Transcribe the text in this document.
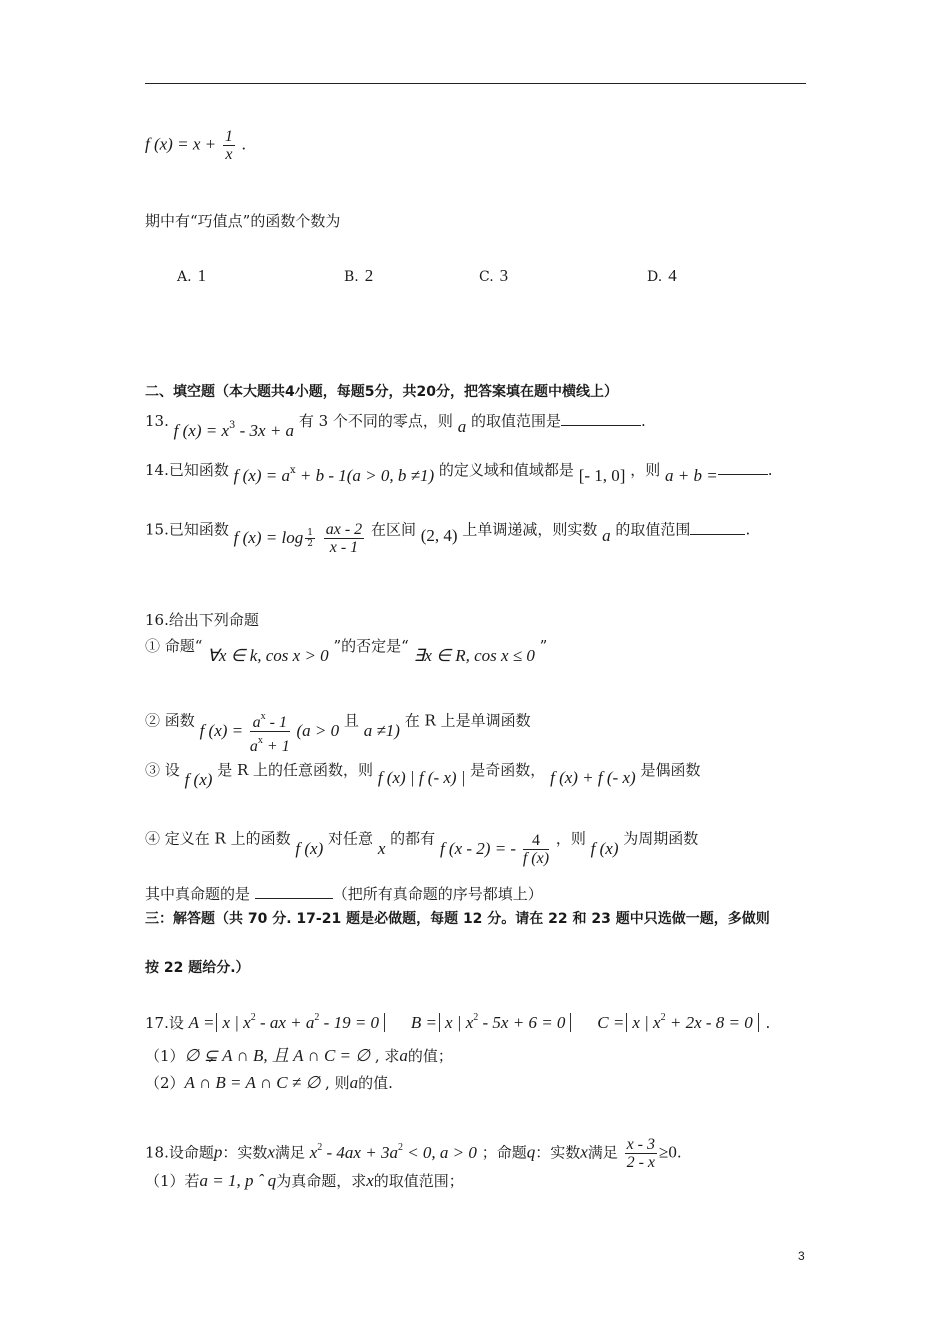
f $(x) = x + \frac{1}{x}$ .
期中有“巧值点”的函数个数为
A. 1	B. 2	C. 3	D. 4
二、填空题（本大题共4小题，每题5分，共20分，把答案填在题中横线上）
13. f $(x) = x^3 - 3x + a$ 有 3 个不同的零点，则 a 的取值范围是	.
14.已知函数 f $(x) = a^x + b - 1(a > 0$, b ≠1) 的定义域和值域都是 [- 1, 0] ，则 a + b =	.
15.已知函数 f $(x) = \log \frac{1}{2}$
$\frac{ax - 2}{x - 1}$ 在区间 (2, 4) 上单调递减，则实数 a 的取值范围	.
16.给出下列命题
① 命题“ ∀x ∈ k, cos x > 0 ”的否定是“ ∃x ∈ R, cos x ≤ 0 ”
② 函数 f $(x) = \frac{a^x - 1}{a^x + 1} (a > 0$ 且 a ≠1) 在 R 上是单调函数
③ 设 f (x) 是 R 上的任意函数，则 f (x) | f (- x) | 是奇函数， f (x) + f (- x) 是偶函数
④ 定义在 R 上的函数 f (x) 对任意 x 的都有 f (x - 2) = - $\frac{4}{f (x)}$ ，则 f (x) 为周期函数
其中真命题的是	（把所有真命题的序号都填上）
三：解答题（共 70 分. 17-21 题是必做题，每题 12 分。请在 22 和 23 题中只选做一题，多做则
按 22 题给分.）
17.设 A = x | $x^2$ - ax + $a^2 - 19 = 0$ B = x | $x^2 - 5x + 6 = 0$ C = x | $x^2 + 2x - 8 = 0$ .
（1）∅ ⊊ A ∩ B, 且 A ∩ C = ∅ , 求a的值；
（2）A ∩ B = A ∩ C ≠ ∅ , 则a的值.
18.设命题p：实数x满足 $x^2 - 4ax + 3a^2 < 0$, a > 0 ；命题q：实数x满足 $\frac{x - 3}{2 - x} \ge 0$.
（1）若a = 1, p ˆ q为真命题，求x的取值范围；
3
